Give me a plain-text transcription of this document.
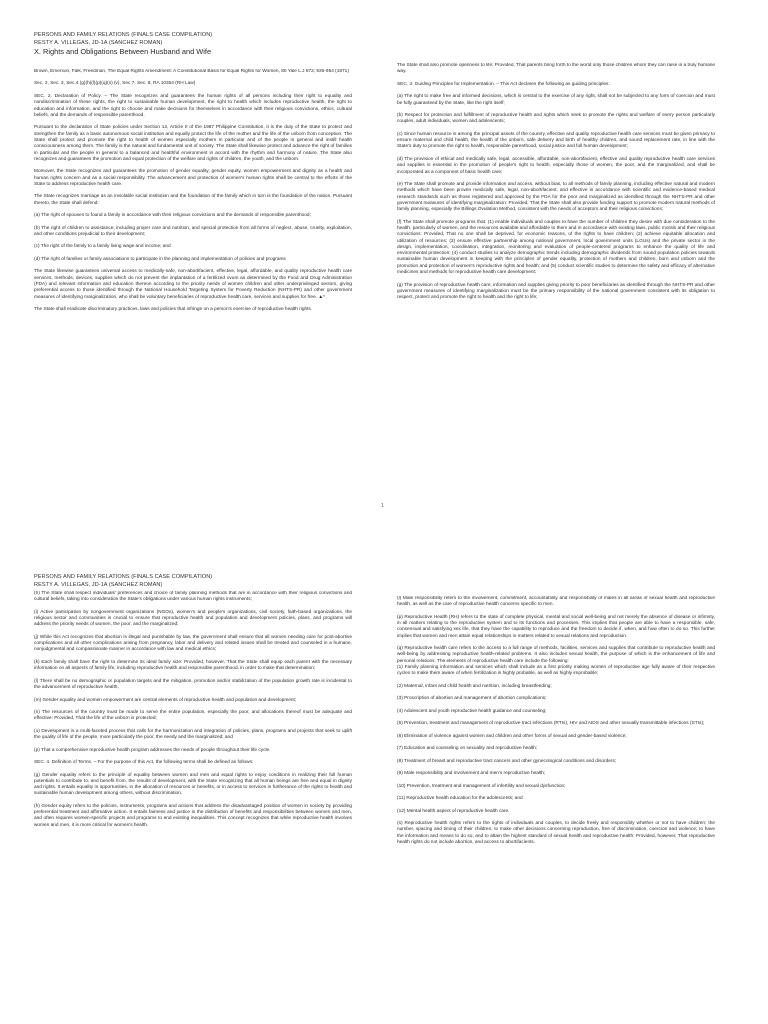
PERSONS AND FAMILY RELATIONS (FINALS CASE COMPILATION)
RESTY A. VILLEGAS, JD-1A (SANCHEZ ROMAN)
X. Rights and Obligations Between Husband and Wife

Brown, Emerson, Falk, Freedman, The Equal Rights Amendment: A Constitutional Basis for Equal Rights for Women, 80 Yale L.J 872; 936-954 (1971)

Sec. 2, Sec. 3, Sec.4 (g)(h)(l)(p)(q)(s) (v), Sec 7, Sec. 8, RA 10354 (RH Law)

SEC. 2. Declaration of Policy. – The State recognizes and guarantees the human rights of all persons including their right to equality and nondiscrimination of these rights, the right to sustainable human development, the right to health which includes reproductive health, the right to education and information, and the right to choose and make decisions for themselves in accordance with their religious convictions, ethics, cultural beliefs, and the demands of responsible parenthood.

Pursuant to the declaration of State policies under Section 12, Article II of the 1987 Philippine Constitution, it is the duty of the State to protect and strengthen the family as a basic autonomous social institution and equally protect the life of the mother and the life of the unborn from conception. The State shall protect and promote the right to health of women especially mothers in particular and of the people in general and instill health consciousness among them. The family is the natural and fundamental unit of society. The State shall likewise protect and advance the right of families in particular and the people in general to a balanced and healthful environment in accord with the rhythm and harmony of nature. The State also recognizes and guarantees the promotion and equal protection of the welfare and rights of children, the youth, and the unborn.

Moreover, the State recognizes and guarantees the promotion of gender equality, gender equity, women empowerment and dignity as a health and human rights concern and as a social responsibility. The advancement and protection of women's human rights shall be central to the efforts of the State to address reproductive health care.

The State recognizes marriage as an inviolable social institution and the foundation of the family which in turn is the foundation of the nation. Pursuant thereto, the State shall defend:

(a) The right of spouses to found a family in accordance with their religious convictions and the demands of responsible parenthood;

(b) The right of children to assistance, including proper care and nutrition, and special protection from all forms of neglect, abuse, cruelty, exploitation, and other conditions prejudicial to their development;

(c) The right of the family to a family living wage and income; and

(d) The right of families or family associations to participate in the planning and implementation of policies and programs

The State likewise guarantees universal access to medically-safe, non-abortifacient, effective, legal, affordable, and quality reproductive health care services, methods, devices, supplies which do not prevent the implantation of a fertilized ovum as determined by the Food and Drug Administration (FDA) and relevant information and education thereon according to the priority needs of women children and other underprivileged sectors, giving preferential access to those identified through the National Household Targeting System for Poverty Reduction (NHTS-PR) and other government measures of identifying marginalization, who shall be voluntary beneficiaries of reproductive health care, services and supplies for free. ▲*

The State shall eradicate discriminatory practices, laws and policies that infringe on a person's exercise of reproductive health rights.

The State shall also promote openness to life; Provided, That parents bring forth to the world only those children whom they can raise in a truly humane way.

SEC. 3. Guiding Principles for Implementation. – This Act declares the following as guiding principles:

(a) The right to make free and informed decisions, which is central to the exercise of any right, shall not be subjected to any form of coercion and must be fully guaranteed by the State, like the right itself;

(b) Respect for protection and fulfillment of reproductive health and rights which seek to promote the rights and welfare of every person particularly couples, adult individuals, women and adolescents;

(c) Since human resource is among the principal assets of the country, effective and quality reproductive health care services must be given primacy to ensure maternal and child health, the health of the unborn, safe delivery and birth of healthy children, and sound replacement rate, in line with the State's duty to promote the right to health, responsible parenthood, social justice and full human development;

(d) The provision of ethical and medically safe, legal, accessible, affordable, non-abortifacient, effective and quality reproductive health care services and supplies is essential in the promotion of people's right to health, especially those of women, the poor, and the marginalized, and shall be incorporated as a component of basic health care;

(e) The State shall promote and provide information and access, without bias, to all methods of family planning, including effective natural and modern methods which have been proven medically safe, legal, non-abortifacient, and effective in accordance with scientific and evidence-based medical research standards such as those registered and approved by the FDA for the poor and marginalized as identified through the NHTS-PR and other government measures of identifying marginalization: Provided, That the State shall also provide funding support to promote modern natural methods of family planning, especially the Billings Ovulation Method, consistent with the needs of acceptors and their religious convictions;

(f) The State shall promote programs that: (1) enable individuals and couples to have the number of children they desire with due consideration to the health, particularly of women, and the resources available and affordable to them and in accordance with existing laws, public morals and their religious convictions: Provided, That no one shall be deprived, for economic reasons, of the rights to have children; (2) achieve equitable allocation and utilization of resources; (3) ensure effective partnership among national government, local government units (LGUs) and the private sector in the design, implementation, coordination, integration, monitoring and evaluation of people-centered programs to enhance the quality of life and environmental protection; (4) conduct studies to analyze demographic trends including demographic dividends from sound population policies towards sustainable human development in keeping with the principles of gender equality, protection of mothers and children, born and unborn and the promotion and protection of women's reproductive rights and health; and (5) conduct scientific studies to determine the safety and efficacy of alternative medicines and methods for reproductive health care development;

(g) The provision of reproductive health care, information and supplies giving priority to poor beneficiaries as identified through the NHTS-PR and other government measures of identifying marginalization must be the primary responsibility of the national government consistent with its obligation to respect, protect and promote the right to health and the right to life;

1
PERSONS AND FAMILY RELATIONS (FINALS CASE COMPILATION)
RESTY A. VILLEGAS, JD-1A (SANCHEZ ROMAN)

(h) The State shall respect individuals' preferences and choice of family planning methods that are in accordance with their religious convictions and cultural beliefs, taking into consideration the State's obligations under various human rights instruments;

(i) Active participation by nongovernment organizations (NGOs), women's and people's organizations, civil society, faith-based organizations, the religious sector and communities is crucial to ensure that reproductive health and population and development policies, plans, and programs will address the priority needs of women, the poor, and the marginalized;

(j) While this Act recognizes that abortion is illegal and punishable by law, the government shall ensure that all women needing care for post-abortive complications and all other complications arising from pregnancy, labor and delivery and related issues shall be treated and counseled in a humane, nonjudgmental and compassionate manner in accordance with law and medical ethics;

(k) Each family shall have the right to determine its ideal family size: Provided, however, That the State shall equip each parent with the necessary information on all aspects of family life, including reproductive health and responsible parenthood, in order to make that determination;

(l) There shall be no demographic or population targets and the mitigation, promotion and/or stabilization of the population growth rate is incidental to the advancement of reproductive health;

(m) Gender equality and women empowerment are central elements of reproductive health and population and development;

(n) The resources of the country must be made to serve the entire population, especially the poor, and allocations thereof must be adequate and effective: Provided, That the life of the unborn is protected;

(o) Development is a multi-faceted process that calls for the harmonization and integration of policies, plans, programs and projects that seek to uplift the quality of life of the people, more particularly the poor, the needy and the marginalized; and

(p) That a comprehensive reproductive health program addresses the needs of people throughout their life cycle.

SEC. 4. Definition of Terms. – For the purpose of this Act, the following terms shall be defined as follows:

(g) Gender equality refers to the principle of equality between women and men and equal rights to enjoy conditions in realizing their full human potentials to contribute to, and benefit from, the results of development, with the State recognizing that all human beings are free and equal in dignity and rights. It entails equality in opportunities, in the allocation of resources or benefits, or in access to services in furtherance of the rights to health and sustainable human development among others, without discrimination.

(h) Gender equity refers to the policies, instruments, programs and actions that address the disadvantaged position of women in society by providing preferential treatment and affirmative action. It entails fairness and justice in the distribution of benefits and responsibilities between women and men, and often requires women-specific projects and programs to end existing inequalities. This concept recognizes that while reproductive health involves women and men, it is more critical for women's health.

(l) Male responsibility refers to the involvement, commitment, accountability and responsibility of males in all areas of sexual health and reproductive health, as well as the care of reproductive health concerns specific to men.

(p) Reproductive Health (RH) refers to the state of complete physical, mental and social well-being and not merely the absence of disease or infirmity, in all matters relating to the reproductive system and to its functions and processes. This implies that people are able to have a responsible, safe, consensual and satisfying sex life, that they have the capability to reproduce and the freedom to decide if, when, and how often to do so. This further implies that women and men attain equal relationships in matters related to sexual relations and reproduction.

(q) Reproductive health care refers to the access to a full range of methods, facilities, services and supplies that contribute to reproductive health and well-being by addressing reproductive health-related problems. It also includes sexual health, the purpose of which is the enhancement of life and personal relations. The elements of reproductive health care include the following:
(1) Family planning information and services which shall include as a first priority making women of reproductive age fully aware of their respective cycles to make them aware of when fertilization is highly probable, as well as highly improbable;

(2) Maternal, infant and child health and nutrition, including breastfeeding;

(3) Proscription of abortion and management of abortion complications;

(4) Adolescent and youth reproductive health guidance and counseling;

(5) Prevention, treatment and management of reproductive tract infections (RTIs), HIV and AIDS and other sexually transmittable infections (STIs);

(6) Elimination of violence against women and children and other forms of sexual and gender-based violence;

(7) Education and counseling on sexuality and reproductive health;

(8) Treatment of breast and reproductive tract cancers and other gynecological conditions and disorders;

(9) Male responsibility and involvement and men's reproductive health;

(10) Prevention, treatment and management of infertility and sexual dysfunction;

(11) Reproductive health education for the adolescents; and

(12) Mental health aspect of reproductive health care.

(s) Reproductive health rights refers to the rights of individuals and couples, to decide freely and responsibly whether or not to have children; the number, spacing and timing of their children; to make other decisions concerning reproduction, free of discrimination, coercion and violence; to have the information and means to do so; and to attain the highest standard of sexual health and reproductive health: Provided, however, That reproductive health rights do not include abortion, and access to abortifacients.
